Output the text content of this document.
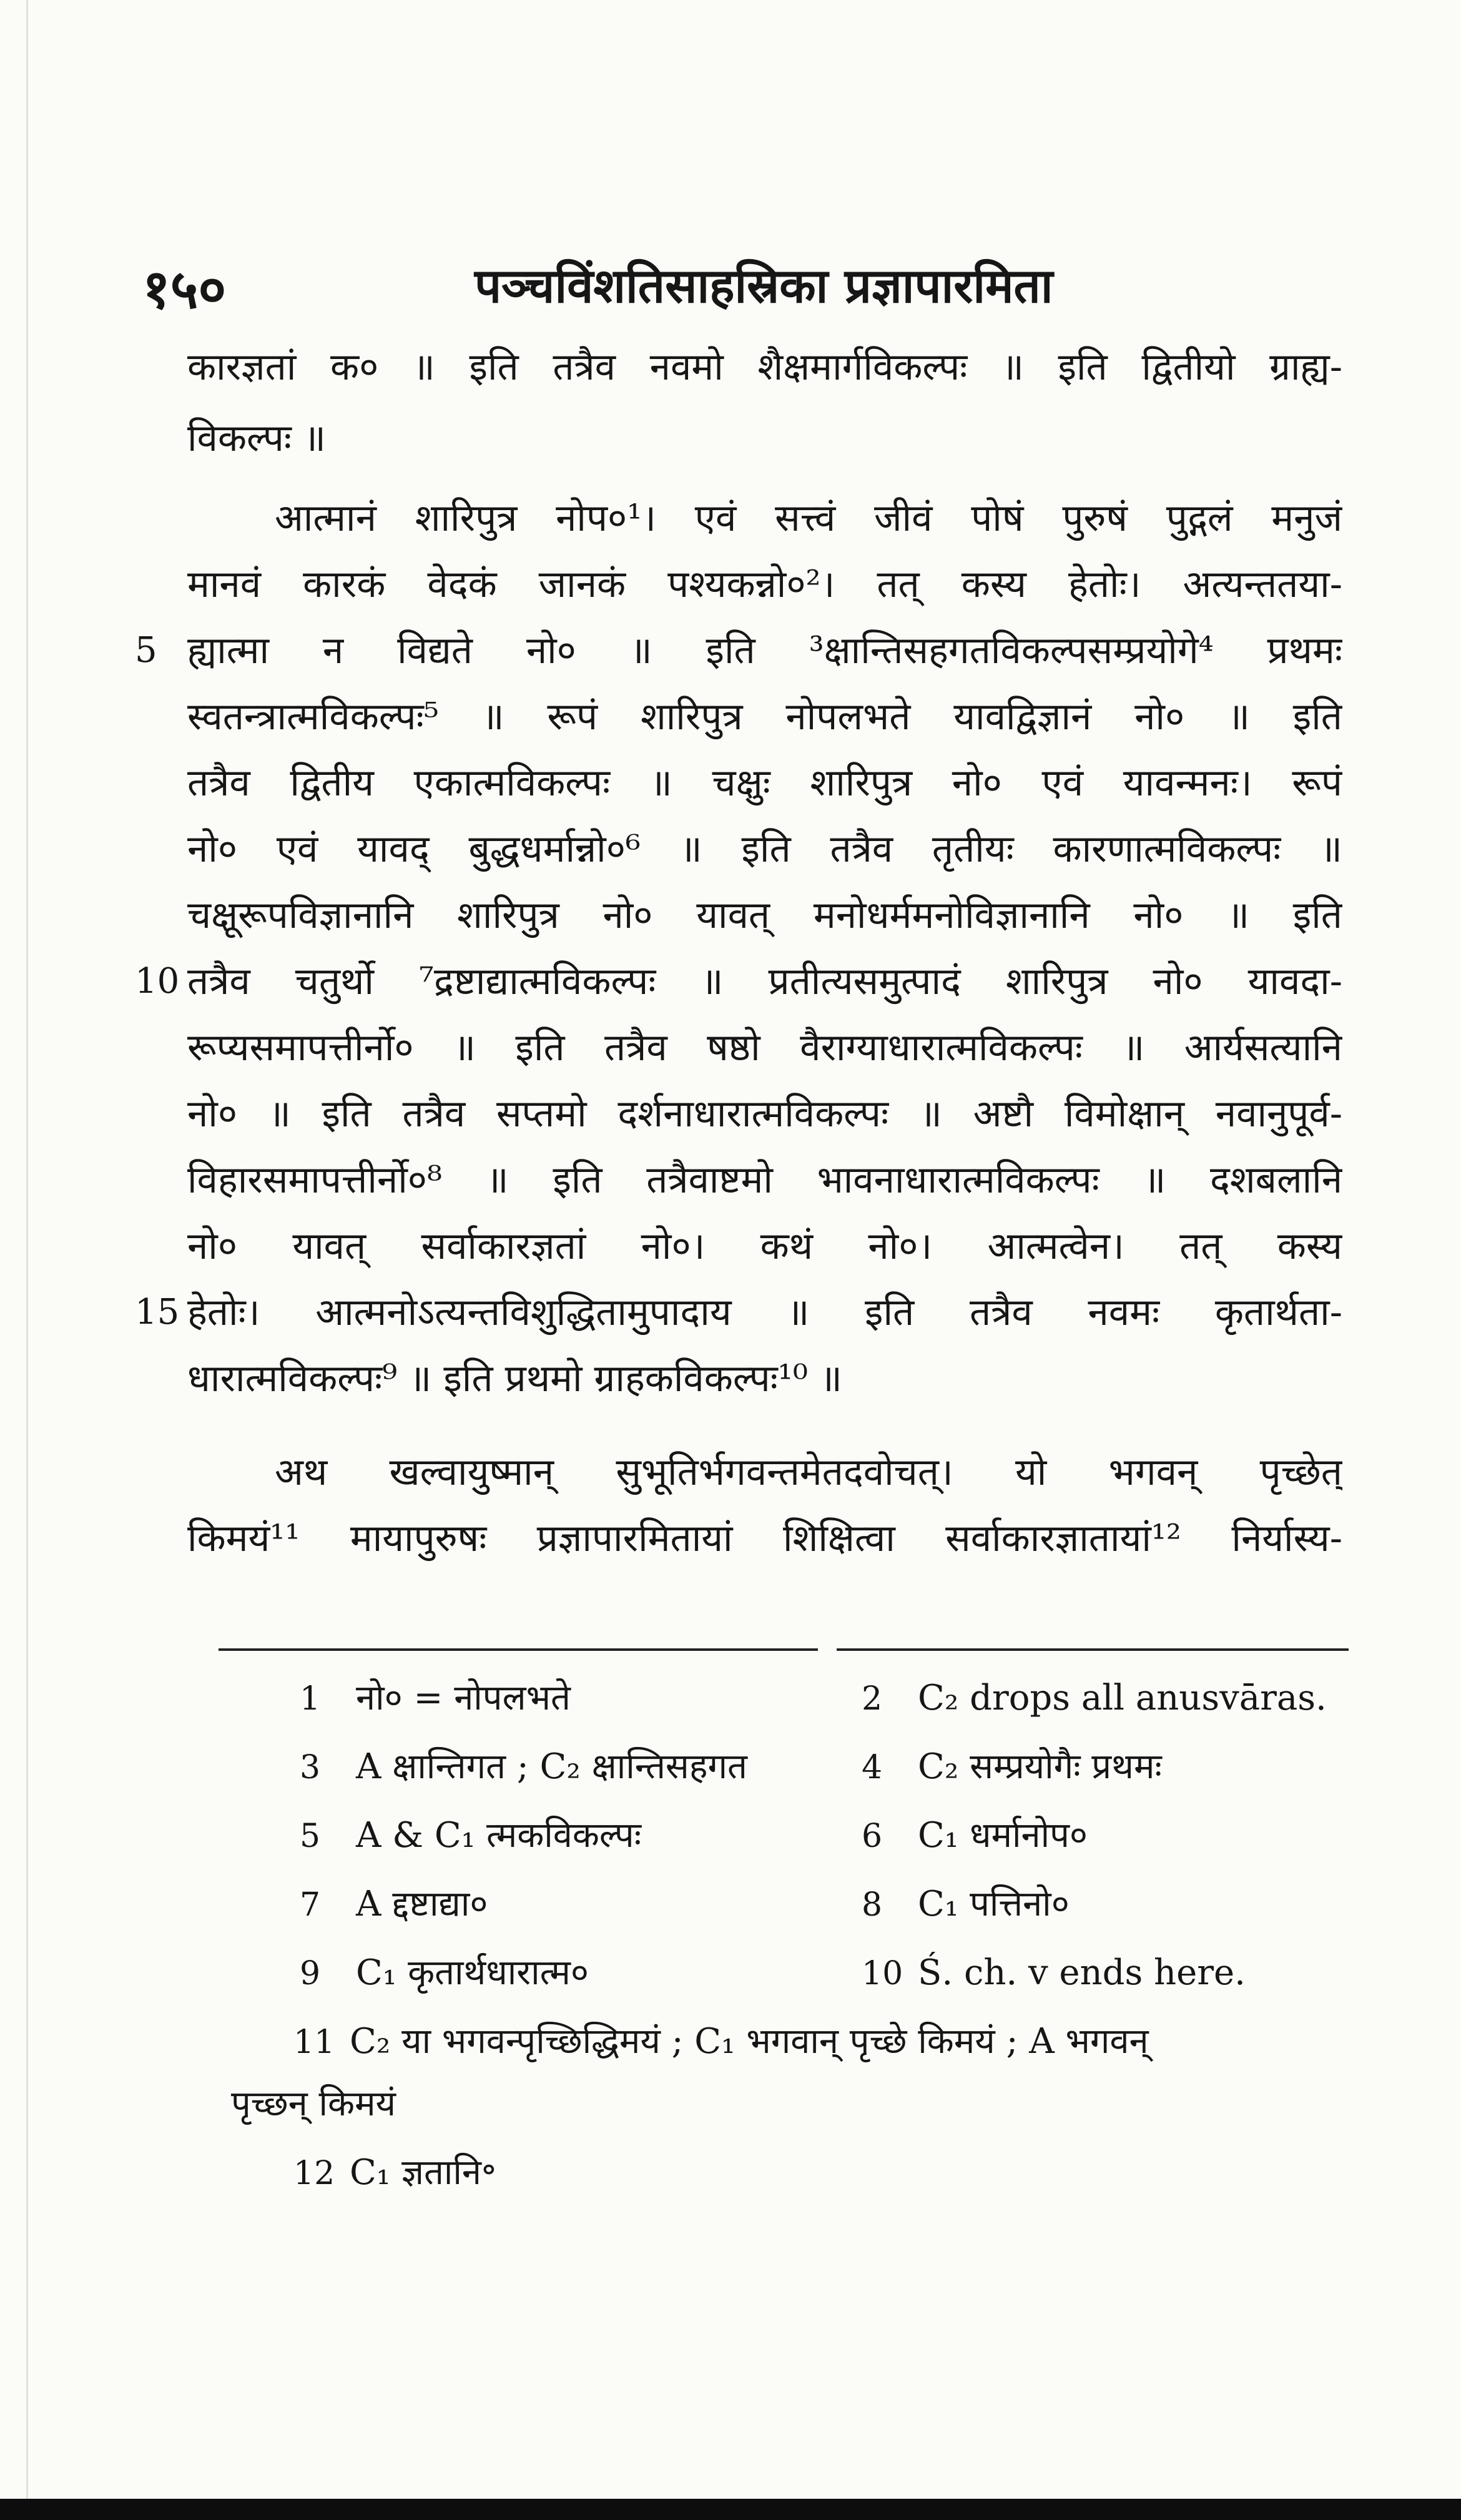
१५०	पञ्चविंशतिसाहस्रिका प्रज्ञापारमिता
कारज्ञतां क० ॥ इति तत्रैव नवमो शैक्षमार्गविकल्पः ॥ इति द्वितीयो ग्राह्य-
विकल्पः ॥
आत्मानं शारिपुत्र नोप०¹। एवं सत्त्वं जीवं पोषं पुरुषं पुद्गलं मनुजं
मानवं कारकं वेदकं जानकं पश्यकन्नो०²। तत् कस्य हेतोः। अत्यन्ततया-
ह्यात्मा न विद्यते नो० ॥ इति ³क्षान्तिसहगतविकल्पसम्प्रयोगे⁴ प्रथमः
स्वतन्त्रात्मविकल्पः⁵ ॥ रूपं शारिपुत्र नोपलभते यावद्विज्ञानं नो० ॥ इति
तत्रैव द्वितीय एकात्मविकल्पः ॥ चक्षुः शारिपुत्र नो० एवं यावन्मनः। रूपं
नो० एवं यावद् बुद्धधर्मान्नो०⁶ ॥ इति तत्रैव तृतीयः कारणात्मविकल्पः ॥
चक्षूरूपविज्ञानानि शारिपुत्र नो० यावत् मनोधर्ममनोविज्ञानानि नो० ॥ इति
तत्रैव चतुर्थो ⁷द्रष्टाद्यात्मविकल्पः ॥ प्रतीत्यसमुत्पादं शारिपुत्र नो० यावदा-
रूप्यसमापत्तीर्नो० ॥ इति तत्रैव षष्ठो वैराग्याधारात्मविकल्पः ॥ आर्यसत्यानि
नो० ॥ इति तत्रैव सप्तमो दर्शनाधारात्मविकल्पः ॥ अष्टौ विमोक्षान् नवानुपूर्व-
विहारसमापत्तीर्नो०⁸ ॥ इति तत्रैवाष्टमो भावनाधारात्मविकल्पः ॥ दशबलानि
नो० यावत् सर्वाकारज्ञतां नो०। कथं नो०। आत्मत्वेन। तत् कस्य
हेतोः। आत्मनोऽत्यन्तविशुद्धितामुपादाय ॥ इति तत्रैव नवमः कृतार्थता-
धारात्मविकल्पः⁹ ॥ इति प्रथमो ग्राहकविकल्पः¹⁰ ॥
अथ खल्वायुष्मान् सुभूतिर्भगवन्तमेतदवोचत्। यो भगवन् पृच्छेत्
किमयं¹¹ मायापुरुषः प्रज्ञापारमितायां शिक्षित्वा सर्वाकारज्ञातायां¹² निर्यास्य-
5
10
15
1 नो० = नोपलभते	2 C₂ drops all anusvāras.
3 A क्षान्तिगत ; C₂ क्षान्तिसहगत	4 C₂ सम्प्रयोगैः प्रथमः
5 A & C₁ त्मकविकल्पः	6 C₁ धर्मानोप०
7 A द्दष्टाद्या०	8 C₁ पत्तिनो०
9 C₁ कृतार्थधारात्म०	10 Ś. ch. v ends here.
11 C₂ या भगवन्पृच्छिद्धिमयं ; C₁ भगवान् पृच्छे किमयं ; A भगवन्
पृच्छन् किमयं
12 C₁ ज्ञतानि॰
